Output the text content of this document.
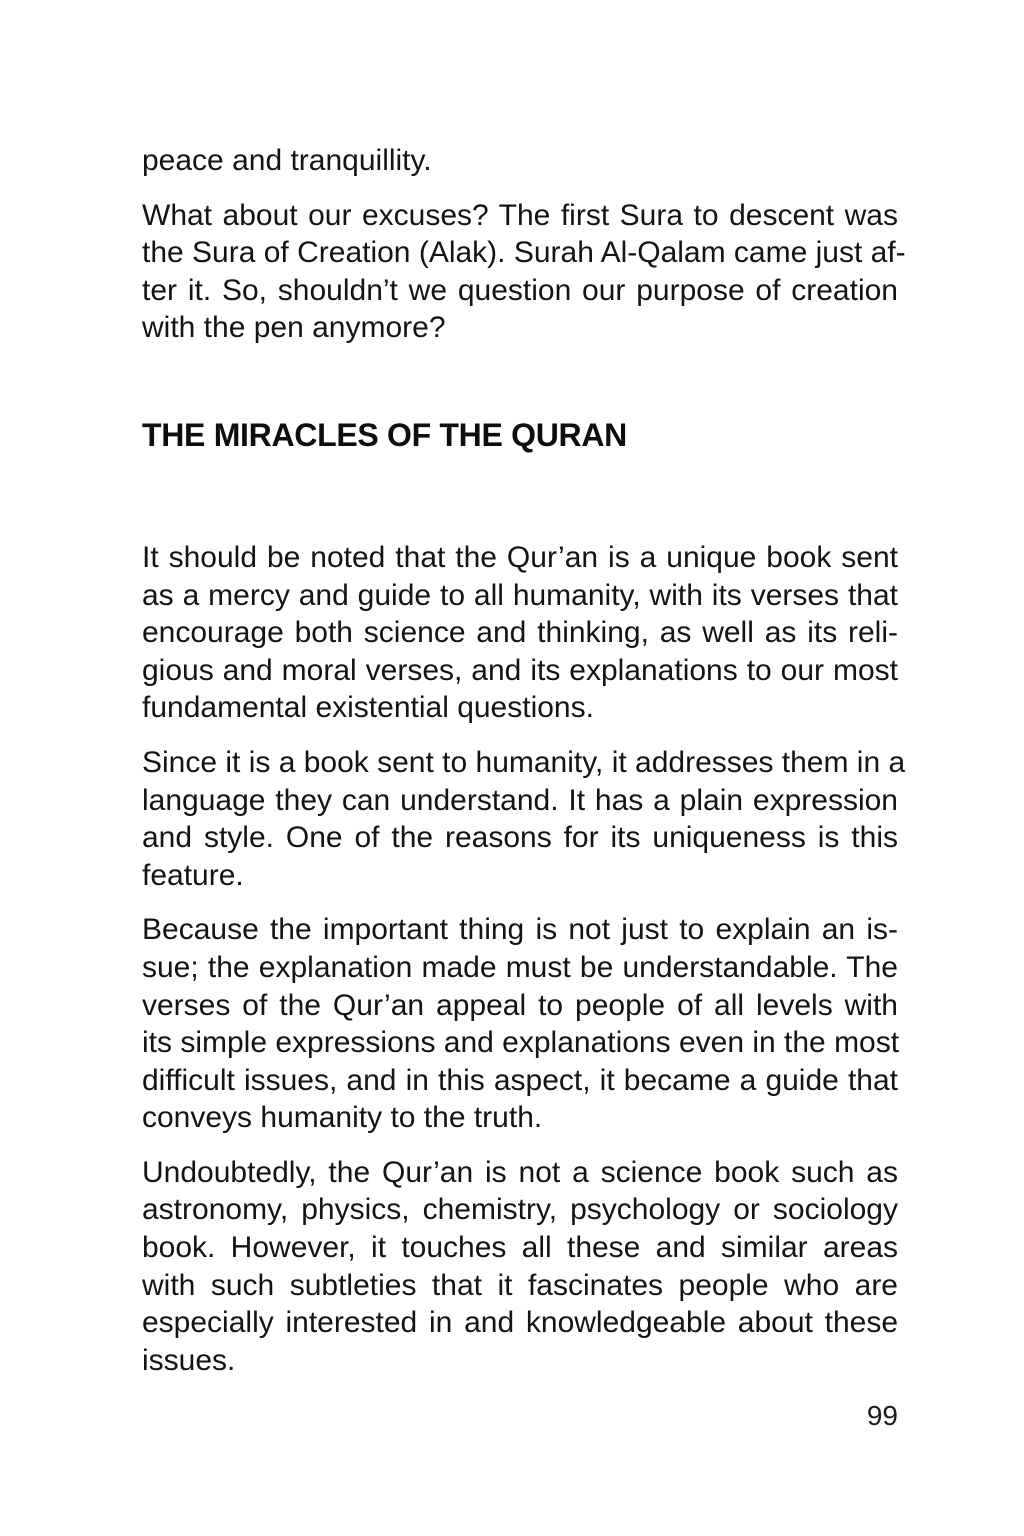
peace and tranquillity.
What about our excuses? The first Sura to descent was
the Sura of Creation (Alak). Surah Al-Qalam came just af-
ter it. So, shouldn’t we question our purpose of creation
with the pen anymore?
THE MIRACLES OF THE QURAN
It should be noted that the Qur’an is a unique book sent
as a mercy and guide to all humanity, with its verses that
encourage both science and thinking, as well as its reli-
gious and moral verses, and its explanations to our most
fundamental existential questions.
Since it is a book sent to humanity, it addresses them in a
language they can understand. It has a plain expression
and style. One of the reasons for its uniqueness is this
feature.
Because the important thing is not just to explain an is-
sue; the explanation made must be understandable. The
verses of the Qur’an appeal to people of all levels with
its simple expressions and explanations even in the most
difficult issues, and in this aspect, it became a guide that
conveys humanity to the truth.
Undoubtedly, the Qur’an is not a science book such as
astronomy, physics, chemistry, psychology or sociology
book. However, it touches all these and similar areas
with such subtleties that it fascinates people who are
especially interested in and knowledgeable about these
issues.
99
